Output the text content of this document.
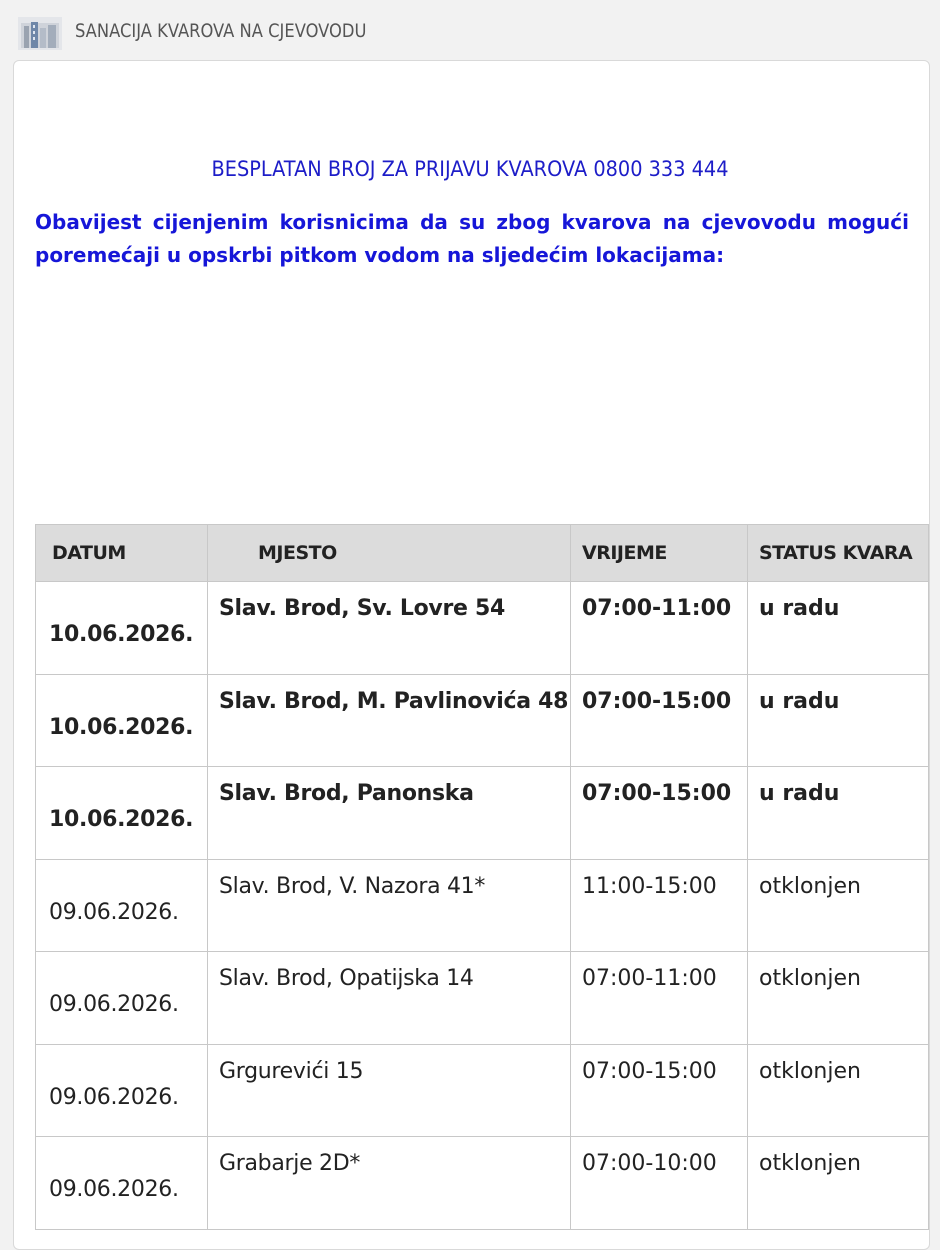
SANACIJA KVAROVA NA CJEVOVODU
BESPLATAN BROJ ZA PRIJAVU KVAROVA 0800 333 444
Obavijest cijenjenim korisnicima da su zbog kvarova na cjevovodu mogući poremećaji u opskrbi pitkom vodom na sljedećim lokacijama:
DATUM	MJESTO	VRIJEME	STATUS KVARA
10.06.2026.	Slav. Brod, Sv. Lovre 54	07:00-11:00	u radu
10.06.2026.	Slav. Brod, M. Pavlinovića 48	07:00-15:00	u radu
10.06.2026.	Slav. Brod, Panonska	07:00-15:00	u radu
09.06.2026.	Slav. Brod, V. Nazora 41*	11:00-15:00	otklonjen
09.06.2026.	Slav. Brod, Opatijska 14	07:00-11:00	otklonjen
09.06.2026.	Grgurevići 15	07:00-15:00	otklonjen
09.06.2026.	Grabarje 2D*	07:00-10:00	otklonjen
